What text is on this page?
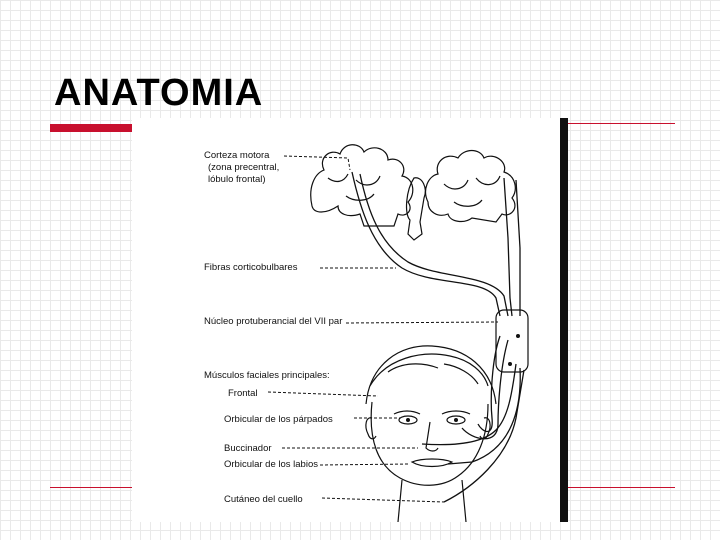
ANATOMIA
Corteza motora
(zona precentral,
lóbulo frontal)
Fibras corticobulbares
Núcleo protuberancial del VII par
Músculos faciales principales:
Frontal
Orbicular de los párpados
Buccinador
Orbicular de los labios
Cutáneo del cuello
